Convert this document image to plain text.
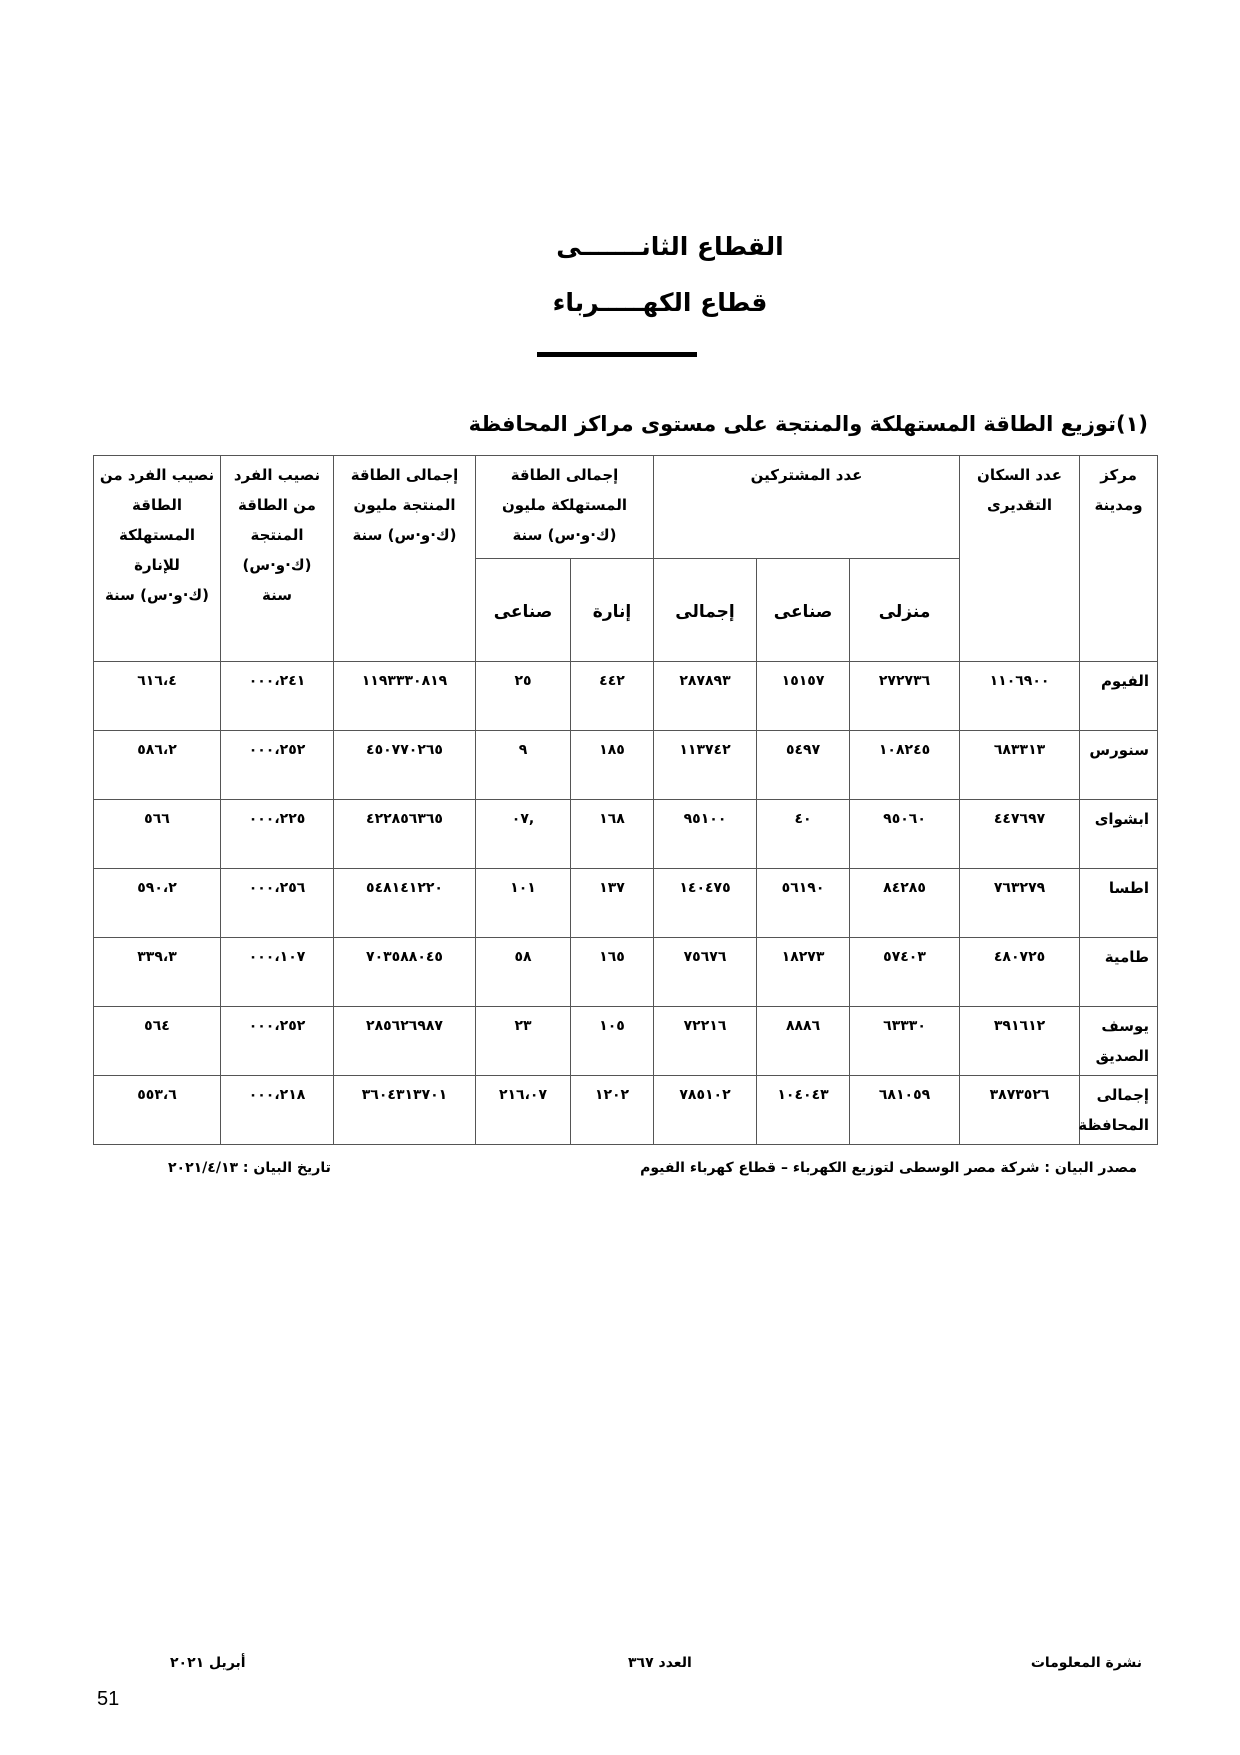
القطاع الثانـــــــى
قطاع الكهـــــرباء
(١)توزيع الطاقة المستهلكة والمنتجة على مستوى مراكز المحافظة
مركز ومدينة	عدد السكان التقديرى	عدد المشتركين			إجمالى الطاقة المستهلكة مليون (ك·و·س) سنة		إجمالى الطاقة المنتجة مليون (ك·و·س) سنة	نصيب الفرد من الطاقة المنتجة (ك·و·س) سنة	نصيب الفرد من الطاقة المستهلكة للإنارة (ك·و·س) سنة
		منزلى	صناعى	إجمالى	إنارة	صناعى			
الفيوم	١١٠٦٩٠٠	٢٧٢٧٣٦	١٥١٥٧	٢٨٧٨٩٣	٤٤٢	٢٥	١١٩٣٣٣٠٨١٩	٠٠٠،٢٤١	٦١٦،٤
سنورس	٦٨٣٣١٣	١٠٨٢٤٥	٥٤٩٧	١١٣٧٤٢	١٨٥	٩	٤٥٠٧٧٠٢٦٥	٠٠٠،٢٥٢	٥٨٦،٢
ابشواى	٤٤٧٦٩٧	٩٥٠٦٠	٤٠	٩٥١٠٠	١٦٨	,٠٧	٤٢٢٨٥٦٣٦٥	٠٠٠،٢٢٥	٥٦٦
اطسا	٧٦٣٢٧٩	٨٤٢٨٥	٥٦١٩٠	١٤٠٤٧٥	١٣٧	١٠١	٥٤٨١٤١٢٢٠	٠٠٠،٢٥٦	٥٩٠،٢
طامية	٤٨٠٧٢٥	٥٧٤٠٣	١٨٢٧٣	٧٥٦٧٦	١٦٥	٥٨	٧٠٣٥٨٨٠٤٥	٠٠٠،١٠٧	٣٣٩،٣
يوسف الصديق	٣٩١٦١٢	٦٣٣٣٠	٨٨٨٦	٧٢٢١٦	١٠٥	٢٣	٢٨٥٦٢٦٩٨٧	٠٠٠،٢٥٢	٥٦٤
إجمالى المحافظة	٣٨٧٣٥٢٦	٦٨١٠٥٩	١٠٤٠٤٣	٧٨٥١٠٢	١٢٠٢	٢١٦،٠٧	٣٦٠٤٣١٣٧٠١	٠٠٠،٢١٨	٥٥٣،٦
مصدر البيان : شركة مصر الوسطى لتوزيع الكهرباء – قطاع كهرباء الفيوم
تاريخ البيان : ٢٠٢١/٤/١٣
نشرة المعلومات
العدد ٣٦٧
أبريل ٢٠٢١
51
